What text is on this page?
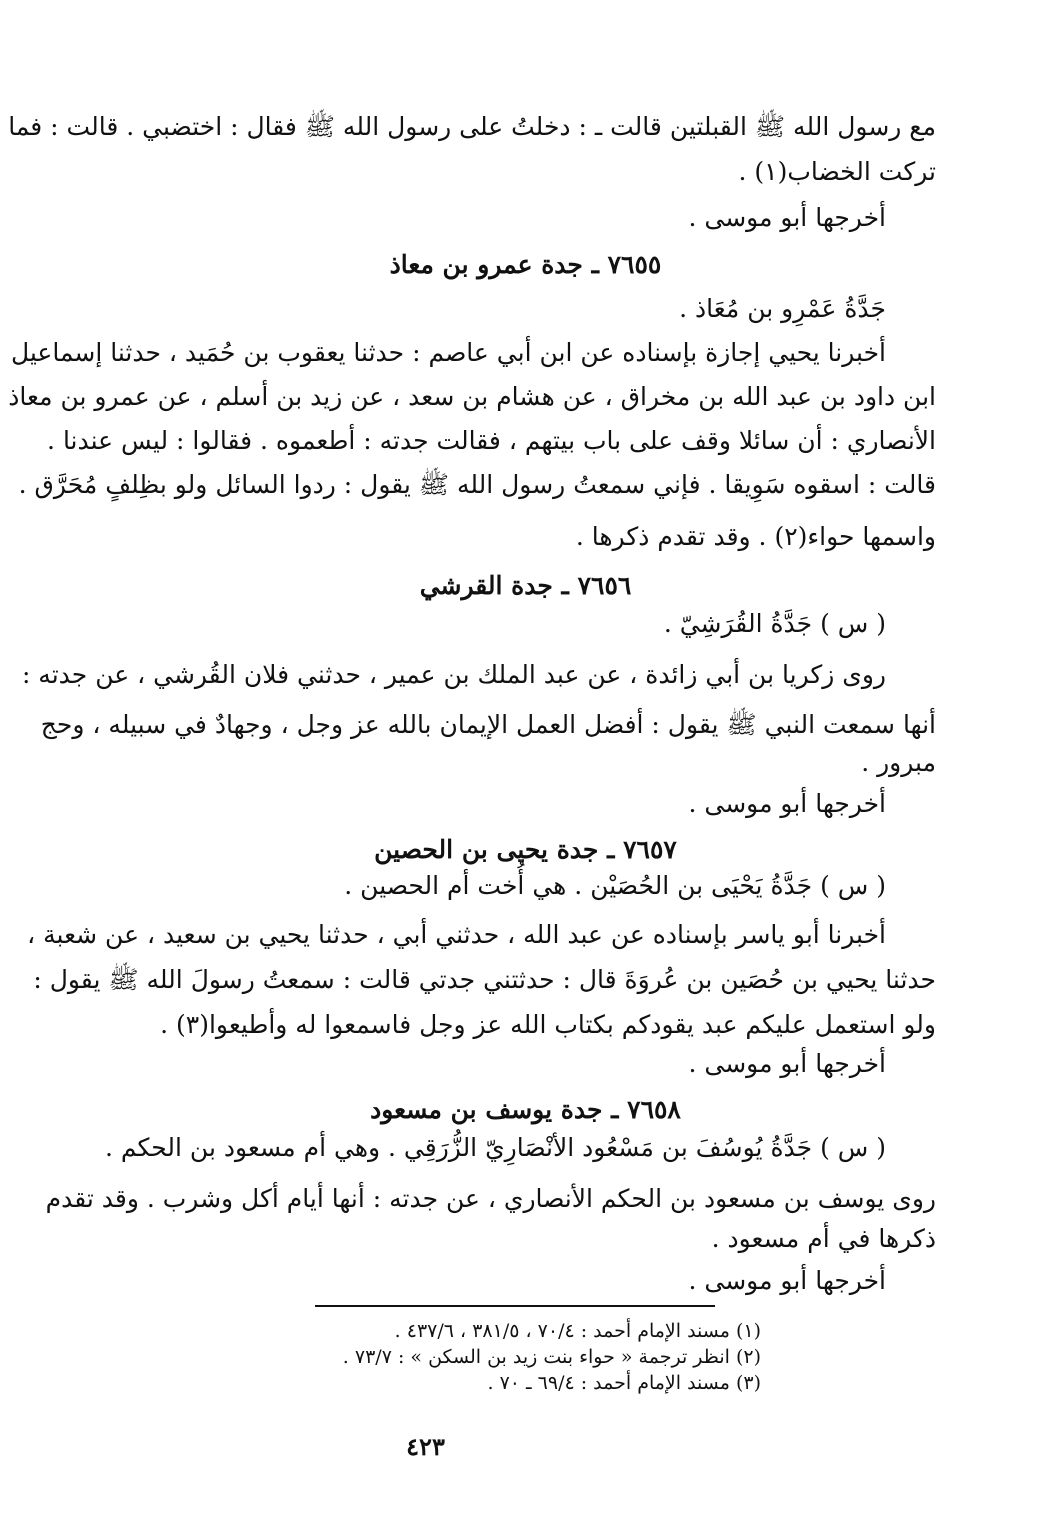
مع رسول الله ﷺ القبلتين قالت ـ : دخلتُ على رسول الله ﷺ فقال : اختضبي . قالت : فما

تركت الخضاب(١) .

أخرجها أبو موسى .

٧٦٥٥ ـ جدة عمرو بن معاذ

جَدَّةُ عَمْرِو بن مُعَاذ .

أخبرنا يحيي إجازة بإسناده عن ابن أبي عاصم : حدثنا يعقوب بن حُمَيد ، حدثنا إسماعيل

ابن داود بن عبد الله بن مخراق ، عن هشام بن سعد ، عن زيد بن أسلم ، عن عمرو بن معاذ

الأنصاري : أن سائلا وقف على باب بيتهم ، فقالت جدته : أطعموه . فقالوا : ليس عندنا .

قالت : اسقوه سَوِيقا . فإني سمعتُ رسول الله ﷺ يقول : ردوا السائل ولو بظِلفٍ مُحَرَّق .

واسمها حواء(٢) . وقد تقدم ذكرها .

٧٦٥٦ ـ جدة القرشي

( س ) جَدَّةُ القُرَشِيّ .

روى زكريا بن أبي زائدة ، عن عبد الملك بن عمير ، حدثني فلان القُرشي ، عن جدته :

أنها سمعت النبي ﷺ يقول : أفضل العمل الإيمان بالله عز وجل ، وجهادٌ في سبيله ، وحج

مبرور .

أخرجها أبو موسى .

٧٦٥٧ ـ جدة يحيى بن الحصين

( س ) جَدَّةُ يَحْيَى بن الحُصَيْن . هي أُخت أم الحصين .

أخبرنا أبو ياسر بإسناده عن عبد الله ، حدثني أبي ، حدثنا يحيي بن سعيد ، عن شعبة ،

حدثنا يحيي بن حُصَين بن عُروَةَ قال : حدثتني جدتي قالت : سمعتُ رسولَ الله ﷺ يقول :

ولو استعمل عليكم عبد يقودكم بكتاب الله عز وجل فاسمعوا له وأطيعوا(٣) .

أخرجها أبو موسى .

٧٦٥٨ ـ جدة يوسف بن مسعود

( س ) جَدَّةُ يُوسُفَ بن مَسْعُود الأنْصَارِيّ الزُّرَقِي . وهي أم مسعود بن الحكم .

روى يوسف بن مسعود بن الحكم الأنصاري ، عن جدته : أنها أيام أكل وشرب . وقد تقدم

ذكرها في أم مسعود .

أخرجها أبو موسى .

(١) مسند الإمام أحمد : ٧٠/٤ ، ٣٨١/٥ ، ٤٣٧/٦ .

(٢) انظر ترجمة « حواء بنت زيد بن السكن » : ٧٣/٧ .

(٣) مسند الإمام أحمد : ٦٩/٤ ـ ٧٠ .

٤٢٣
